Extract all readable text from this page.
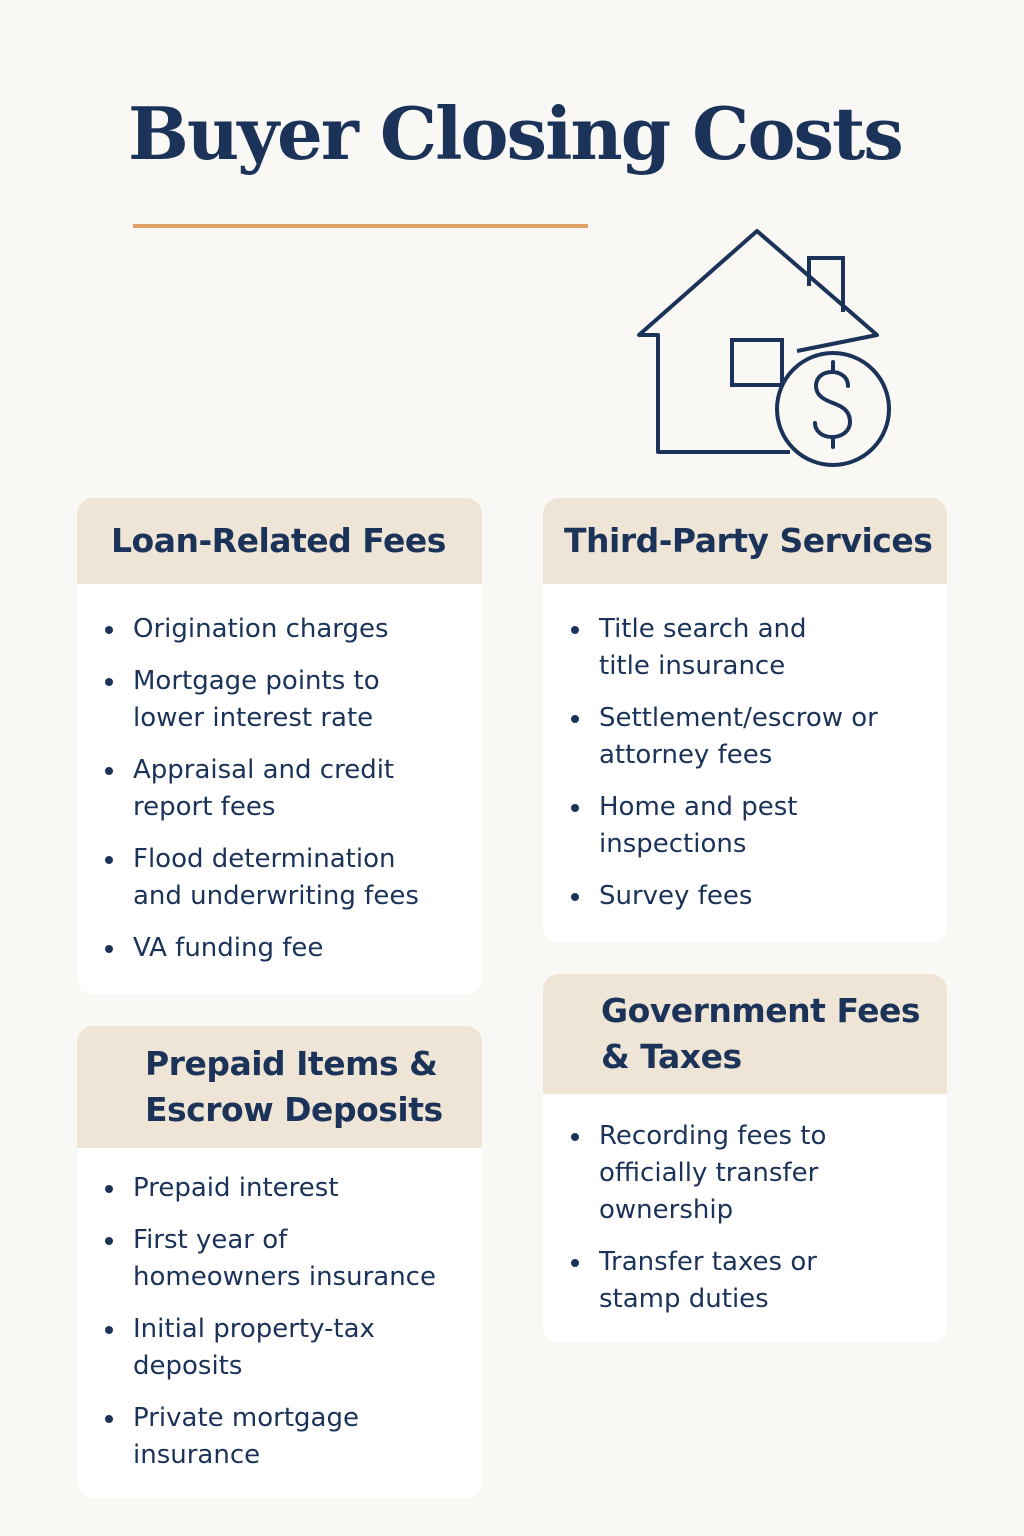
Buyer Closing Costs
Loan-Related Fees
Origination charges
Mortgage points to lower interest rate
Appraisal and credit report fees
Flood determination and underwriting fees
VA funding fee
Third-Party Services
Title search and title insurance
Settlement/escrow or attorney fees
Home and pest inspections
Survey fees
Prepaid Items & Escrow Deposits
Prepaid interest
First year of homeowners insurance
Initial property-tax deposits
Private mortgage insurance
Government Fees & Taxes
Recording fees to officially transfer ownership
Transfer taxes or stamp duties
